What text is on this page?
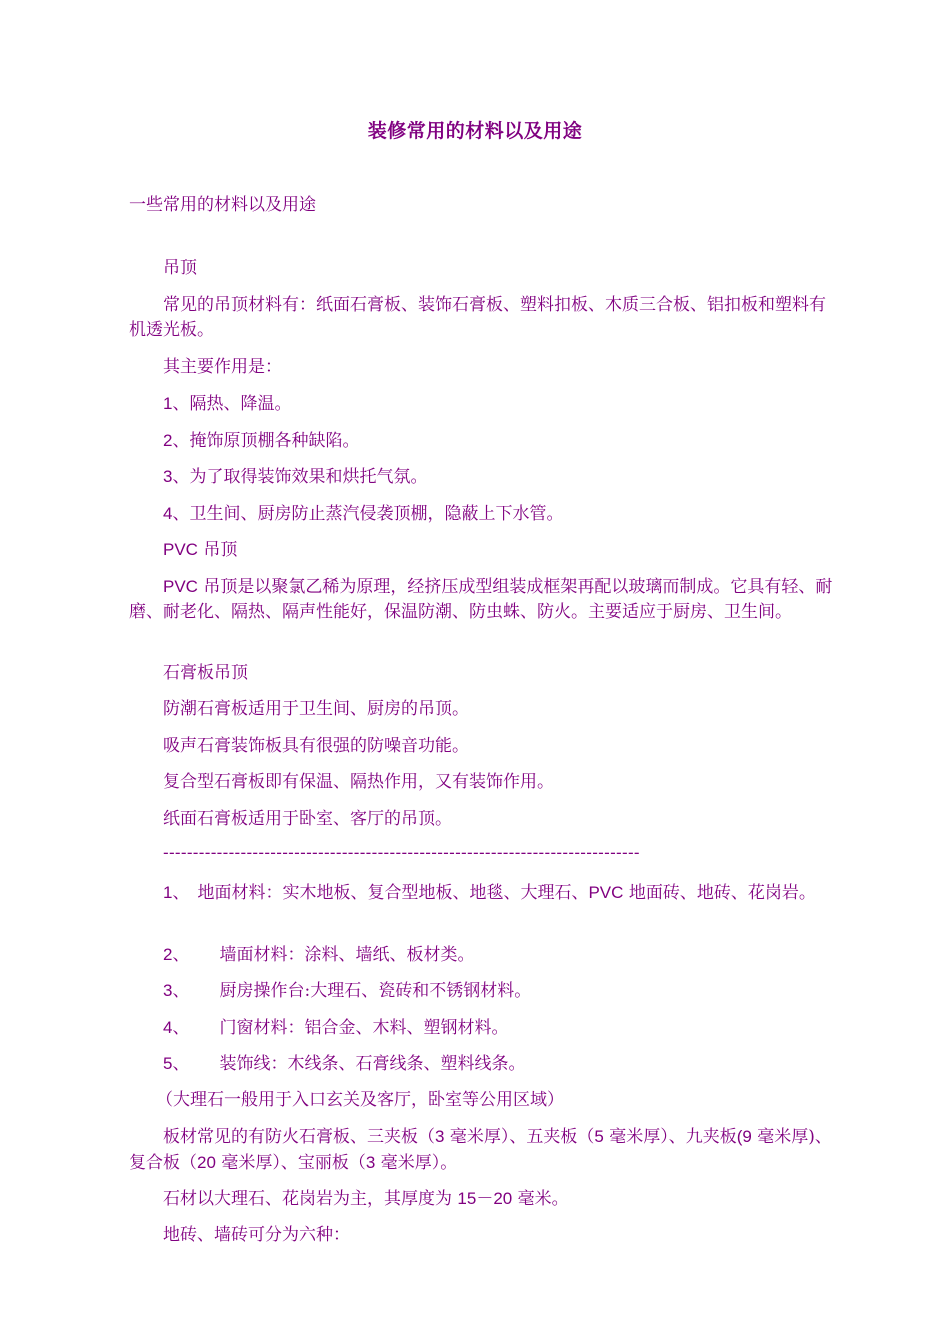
装修常用的材料以及用途
一些常用的材料以及用途
吊顶
常见的吊顶材料有：纸面石膏板、装饰石膏板、塑料扣板、木质三合板、铝扣板和塑料有机透光板。
其主要作用是：
1、隔热、降温。
2、掩饰原顶棚各种缺陷。
3、为了取得装饰效果和烘托气氛。
4、卫生间、厨房防止蒸汽侵袭顶棚，隐蔽上下水管。
PVC 吊顶
PVC 吊顶是以聚氯乙稀为原理，经挤压成型组装成框架再配以玻璃而制成。它具有轻、耐磨、耐老化、隔热、隔声性能好，保温防潮、防虫蛛、防火。主要适应于厨房、卫生间。
石膏板吊顶
防潮石膏板适用于卫生间、厨房的吊顶。
吸声石膏装饰板具有很强的防噪音功能。
复合型石膏板即有保温、隔热作用，又有装饰作用。
纸面石膏板适用于卧室、客厅的吊顶。
--------------------------------------------------------------------------------
1、 地面材料：实木地板、复合型地板、地毯、大理石、PVC 地面砖、地砖、花岗岩。
2、 墙面材料：涂料、墙纸、板材类。
3、 厨房操作台:大理石、瓷砖和不锈钢材料。
4、 门窗材料：铝合金、木料、塑钢材料。
5、 装饰线：木线条、石膏线条、塑料线条。
（大理石一般用于入口玄关及客厅，卧室等公用区域）
板材常见的有防火石膏板、三夹板（3 毫米厚）、五夹板（5 毫米厚）、九夹板(9 毫米厚)、复合板（20 毫米厚）、宝丽板（3 毫米厚）。
石材以大理石、花岗岩为主，其厚度为 15－20 毫米。
地砖、墙砖可分为六种：
